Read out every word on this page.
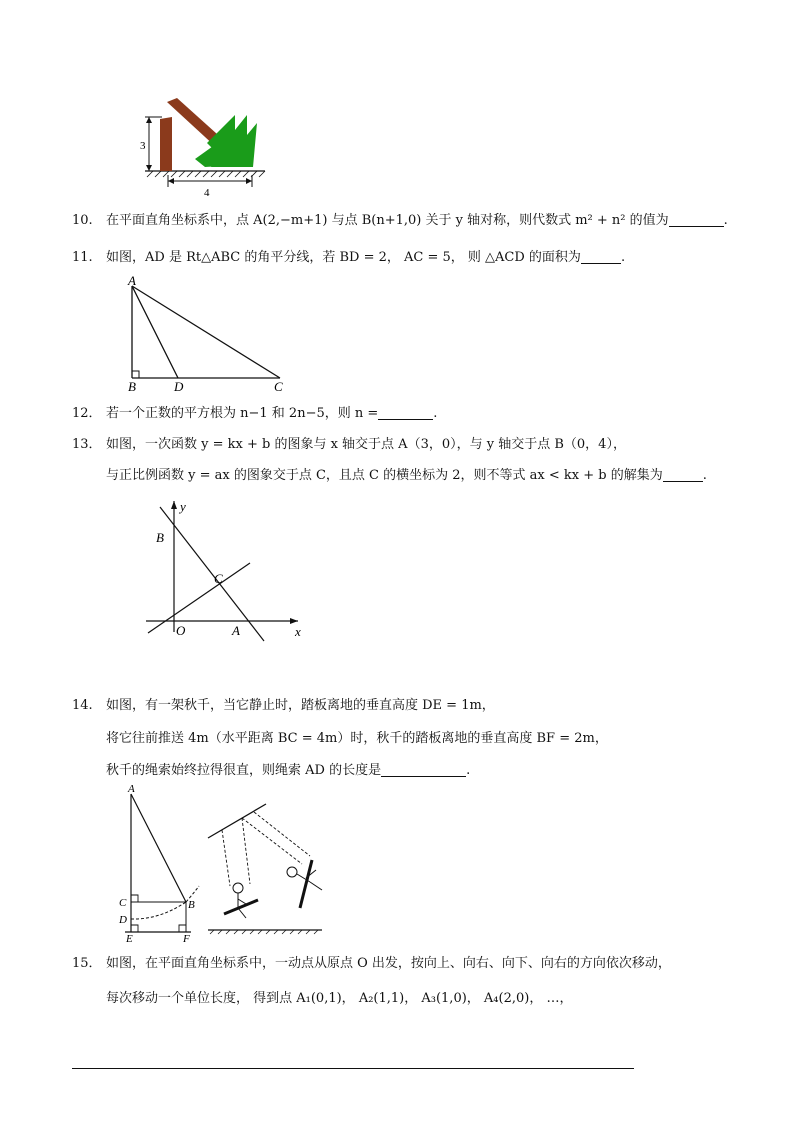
3
4
10. 在平面直角坐标系中，点 A(2,−m+1) 与点 B(n+1,0) 关于 y 轴对称，则代数式 m² + n² 的值为	.
11. 如图，AD 是 Rt△ABC 的角平分线，若 BD = 2， AC = 5， 则 △ACD 的面积为	.
A
B	D	C
12． 若一个正数的平方根为 n−1 和 2n−5，则 n =	.
13． 如图，一次函数 y = kx + b 的图象与 x 轴交于点 A（3，0），与 y 轴交于点 B（0，4），
与正比例函数 y = ax 的图象交于点 C，且点 C 的横坐标为 2，则不等式 ax < kx + b 的解集为	.
y
x
B
C
O	A
14. 如图，有一架秋千，当它静止时，踏板离地的垂直高度 DE = 1m，
将它往前推送 4m（水平距离 BC = 4m）时，秋千的踏板离地的垂直高度 BF = 2m，
秋千的绳索始终拉得很直，则绳索 AD 的长度是	.
A
C	B
D
E	F
15． 如图，在平面直角坐标系中，一动点从原点 O 出发，按向上、向右、向下、向右的方向依次移动，
每次移动一个单位长度， 得到点 A₁(0,1)， A₂(1,1)， A₃(1,0)， A₄(2,0)， …，
